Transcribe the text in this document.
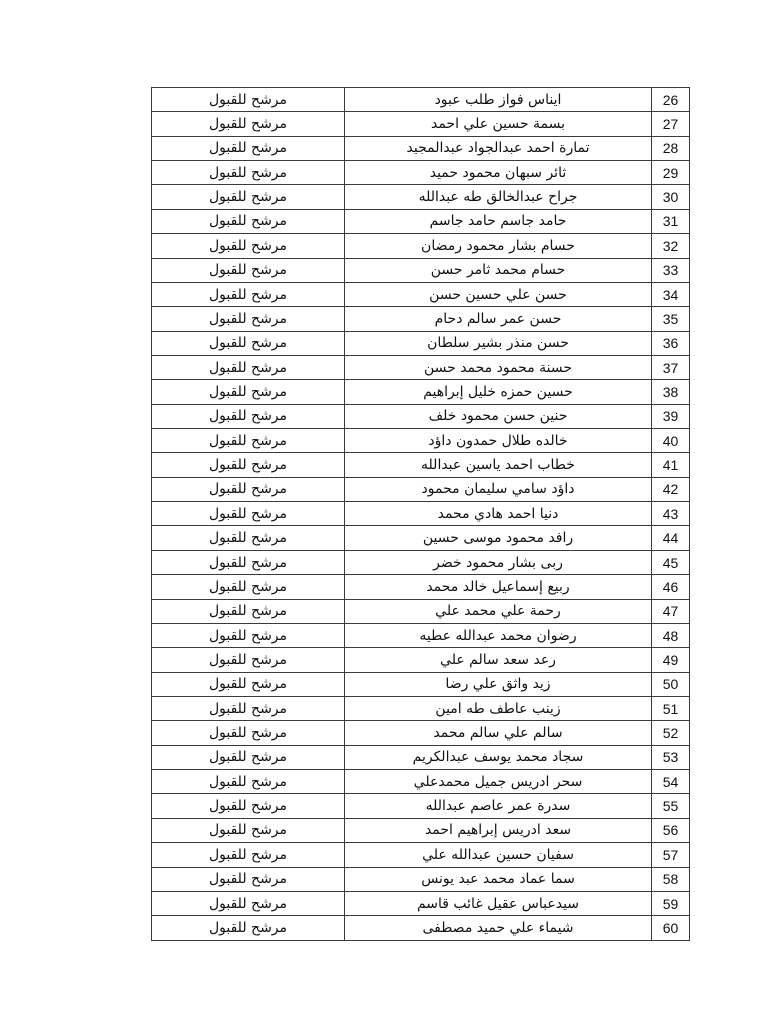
26	ايناس فواز طلب عبود	مرشح للقبول
27	بسمة حسين علي احمد	مرشح للقبول
28	تمارة احمد عبدالجواد عبدالمجيد	مرشح للقبول
29	ثائر سبهان محمود حميد	مرشح للقبول
30	جراح عبدالخالق طه عبدالله	مرشح للقبول
31	حامد جاسم حامد جاسم	مرشح للقبول
32	حسام بشار محمود رمضان	مرشح للقبول
33	حسام محمد ثامر حسن	مرشح للقبول
34	حسن علي حسين حسن	مرشح للقبول
35	حسن عمر سالم دحام	مرشح للقبول
36	حسن منذر بشير سلطان	مرشح للقبول
37	حسنة محمود محمد حسن	مرشح للقبول
38	حسين حمزه خليل إبراهيم	مرشح للقبول
39	حنين حسن محمود خلف	مرشح للقبول
40	خالده طلال حمدون داؤد	مرشح للقبول
41	خطاب احمد ياسين عبدالله	مرشح للقبول
42	داؤد سامي سليمان محمود	مرشح للقبول
43	دنيا احمد هادي محمد	مرشح للقبول
44	رافد محمود موسى حسين	مرشح للقبول
45	ربى بشار محمود خضر	مرشح للقبول
46	ربيع إسماعيل خالد محمد	مرشح للقبول
47	رحمة علي محمد علي	مرشح للقبول
48	رضوان محمد عبدالله عطيه	مرشح للقبول
49	رعد سعد سالم علي	مرشح للقبول
50	زيد واثق علي رضا	مرشح للقبول
51	زينب عاطف طه امين	مرشح للقبول
52	سالم علي سالم محمد	مرشح للقبول
53	سجاد محمد يوسف عبدالكريم	مرشح للقبول
54	سحر ادريس جميل محمدعلي	مرشح للقبول
55	سدرة عمر عاصم عبدالله	مرشح للقبول
56	سعد ادريس إبراهيم احمد	مرشح للقبول
57	سفيان حسين عبدالله علي	مرشح للقبول
58	سما عماد محمد عبد يونس	مرشح للقبول
59	سيدعباس عقيل غائب قاسم	مرشح للقبول
60	شيماء علي حميد مصطفى	مرشح للقبول
